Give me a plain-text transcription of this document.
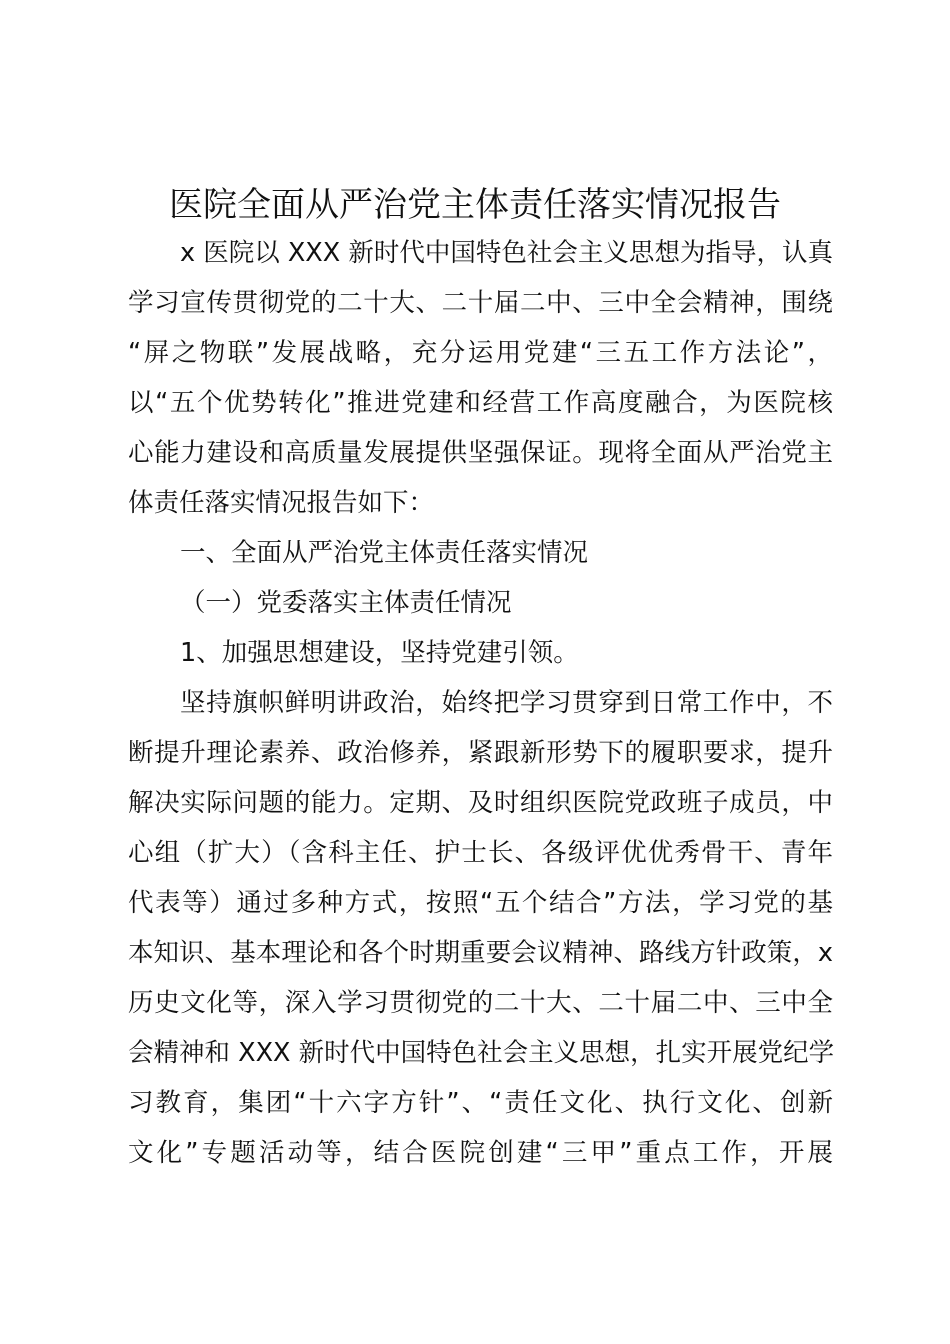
医院全面从严治党主体责任落实情况报告
x 医院以 XXX 新时代中国特色社会主义思想为指导，认真
学习宣传贯彻党的二十大、二十届二中、三中全会精神，围绕
“屏之物联”发展战略，充分运用党建“三五工作方法论”，
以“五个优势转化”推进党建和经营工作高度融合，为医院核
心能力建设和高质量发展提供坚强保证。现将全面从严治党主
体责任落实情况报告如下：
一、全面从严治党主体责任落实情况
（一）党委落实主体责任情况
1、加强思想建设，坚持党建引领。
坚持旗帜鲜明讲政治，始终把学习贯穿到日常工作中，不
断提升理论素养、政治修养，紧跟新形势下的履职要求，提升
解决实际问题的能力。定期、及时组织医院党政班子成员，中
心组（扩大）（含科主任、护士长、各级评优优秀骨干、青年
代表等）通过多种方式，按照“五个结合”方法，学习党的基
本知识、基本理论和各个时期重要会议精神、路线方针政策，x
历史文化等，深入学习贯彻党的二十大、二十届二中、三中全
会精神和 XXX 新时代中国特色社会主义思想，扎实开展党纪学
习教育，集团“十六字方针”、“责任文化、执行文化、创新
文化”专题活动等，结合医院创建“三甲”重点工作，开展
